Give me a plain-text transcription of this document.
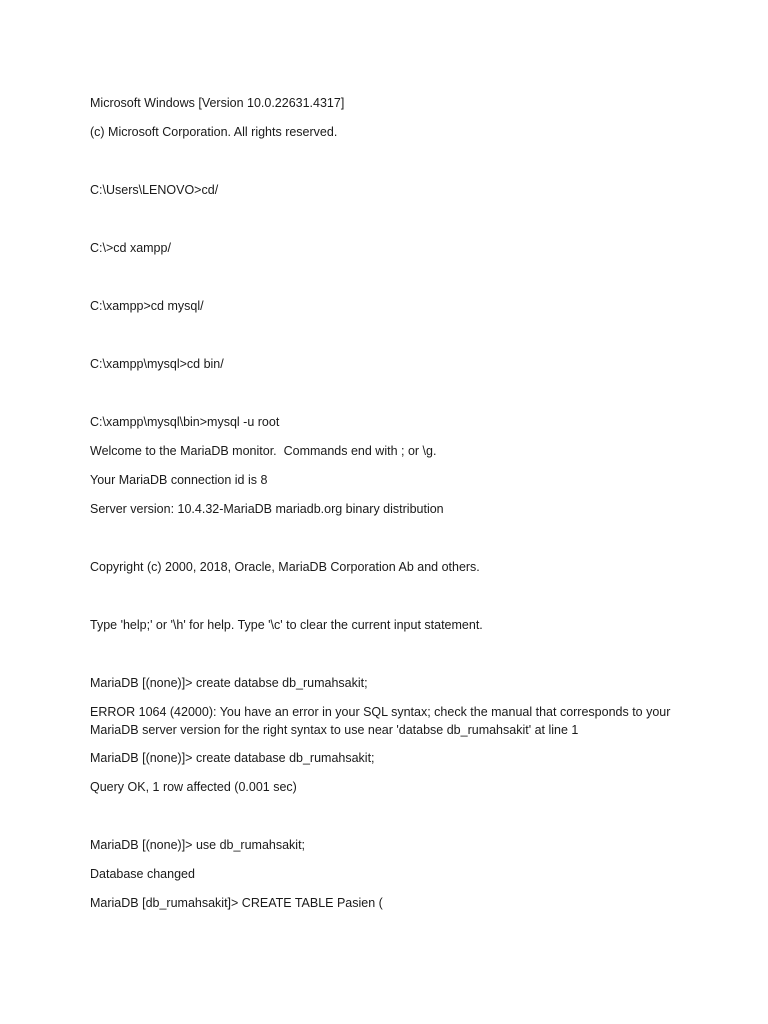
Microsoft Windows [Version 10.0.22631.4317]
(c) Microsoft Corporation. All rights reserved.
C:\Users\LENOVO>cd/
C:\>cd xampp/
C:\xampp>cd mysql/
C:\xampp\mysql>cd bin/
C:\xampp\mysql\bin>mysql -u root
Welcome to the MariaDB monitor.  Commands end with ; or \g.
Your MariaDB connection id is 8
Server version: 10.4.32-MariaDB mariadb.org binary distribution
Copyright (c) 2000, 2018, Oracle, MariaDB Corporation Ab and others.
Type 'help;' or '\h' for help. Type '\c' to clear the current input statement.
MariaDB [(none)]> create databse db_rumahsakit;
ERROR 1064 (42000): You have an error in your SQL syntax; check the manual that corresponds to your MariaDB server version for the right syntax to use near 'databse db_rumahsakit' at line 1
MariaDB [(none)]> create database db_rumahsakit;
Query OK, 1 row affected (0.001 sec)
MariaDB [(none)]> use db_rumahsakit;
Database changed
MariaDB [db_rumahsakit]> CREATE TABLE Pasien (
